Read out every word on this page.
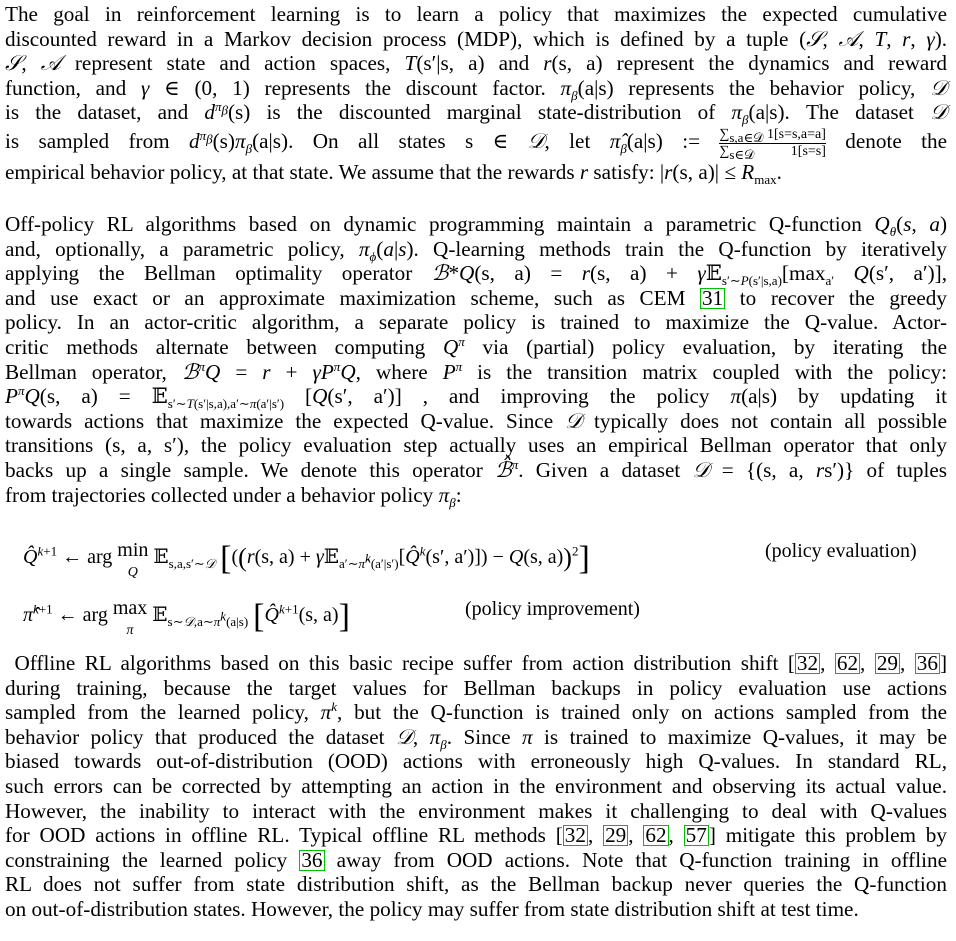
The goal in reinforcement learning is to learn a policy that maximizes the expected cumulative
discounted reward in a Markov decision process (MDP), which is defined by a tuple (𝒮, 𝒜, T, r, γ).
𝒮, 𝒜 represent state and action spaces, T(s′|s, a) and r(s, a) represent the dynamics and reward
function, and γ ∈ (0, 1) represents the discount factor. $\pi_\beta(a|s)$ represents the behavior policy, 𝒟
is the dataset, and $d^{\pi_\beta}(s)$ is the discounted marginal state-distribution of $\pi_\beta(a|s)$. The dataset 𝒟
is sampled from $d^{\pi_\beta}(s)\pi_\beta(a|s)$. On all states s ∈ 𝒟, let $\pî_\beta(a|s)$ := $\sum_{s,a\in 𝒟}$ 1[s=s,a=a]
$\sum_{s\in 𝒟}$ 1[s=s] denote the
empirical behavior policy, at that state. We assume that the rewards r satisfy: |r(s, $a)| \le R_{max}$.
Off-policy RL algorithms based on dynamic programming maintain a parametric Q-function $Q_\theta(s$, a)
and, optionally, a parametric policy, $\pi_\phi(a|s)$. Q-learning methods train the Q-function by iteratively
applying the Bellman optimality operator ℬ*Q(s, a) = r(s, $a) + \gamma 𝔼_{s'\sim P(s'|s,a)}[\max_{a'}$ Q(s′, a′)],
and use exact or an approximate maximization scheme, such as CEM 31 to recover the greedy
policy. In an actor-critic algorithm, a separate policy is trained to maximize the Q-value. Actor-
critic methods alternate between computing $Q^\pi$ via (partial) policy evaluation, by iterating the
Bellman operator, ℬ$^\pi$Q = $r + \gamma P^\pi Q$, where $P^\pi$ is the transition matrix coupled with the policy:
$P^\pi Q(s$, a) = 𝔼$_{s'\sim T(s'|s,a),a'\sim\pi(a'|s')}$ [Q(s′, a′)] , and improving the policy π(a|s) by updating it
towards actions that maximize the expected Q-value. Since 𝒟 typically does not contain all possible
transitions (s, a, s′), the policy evaluation step actually uses an empirical Bellman operator that only
backs up a single sample. We denote this operator ℬ̂$^\pi$. Given a dataset 𝒟 = {(s, a, rs′)} of tuples
from trajectories collected under a behavior policy $\pi_\beta$:
Q̂$^{k+1}$ ← arg min
Q 𝔼$_{s,a,s'\sim 𝒟}$ [((r(s, a) + γ𝔼$_{a'\sim\pî^k(a'|s')}$[Q̂$^k$(s′, a′)]) − Q(s, a))$^2$]	(policy evaluation)
π̂$^{k+1}$ ← arg max
π 𝔼$_{s\sim 𝒟,a\sim\pi^k(a|s)}$ [Q̂$^{k+1}$(s, a)]	(policy improvement)
Offline RL algorithms based on this basic recipe suffer from action distribution shift [32, 62, 29, 36]
during training, because the target values for Bellman backups in policy evaluation use actions
sampled from the learned policy, $\pi^k$, but the Q-function is trained only on actions sampled from the
behavior policy that produced the dataset 𝒟, $\pi_\beta$. Since π is trained to maximize Q-values, it may be
biased towards out-of-distribution (OOD) actions with erroneously high Q-values. In standard RL,
such errors can be corrected by attempting an action in the environment and observing its actual value.
However, the inability to interact with the environment makes it challenging to deal with Q-values
for OOD actions in offline RL. Typical offline RL methods [32, 29, 62, 57] mitigate this problem by
constraining the learned policy 36 away from OOD actions. Note that Q-function training in offline
RL does not suffer from state distribution shift, as the Bellman backup never queries the Q-function
on out-of-distribution states. However, the policy may suffer from state distribution shift at test time.
